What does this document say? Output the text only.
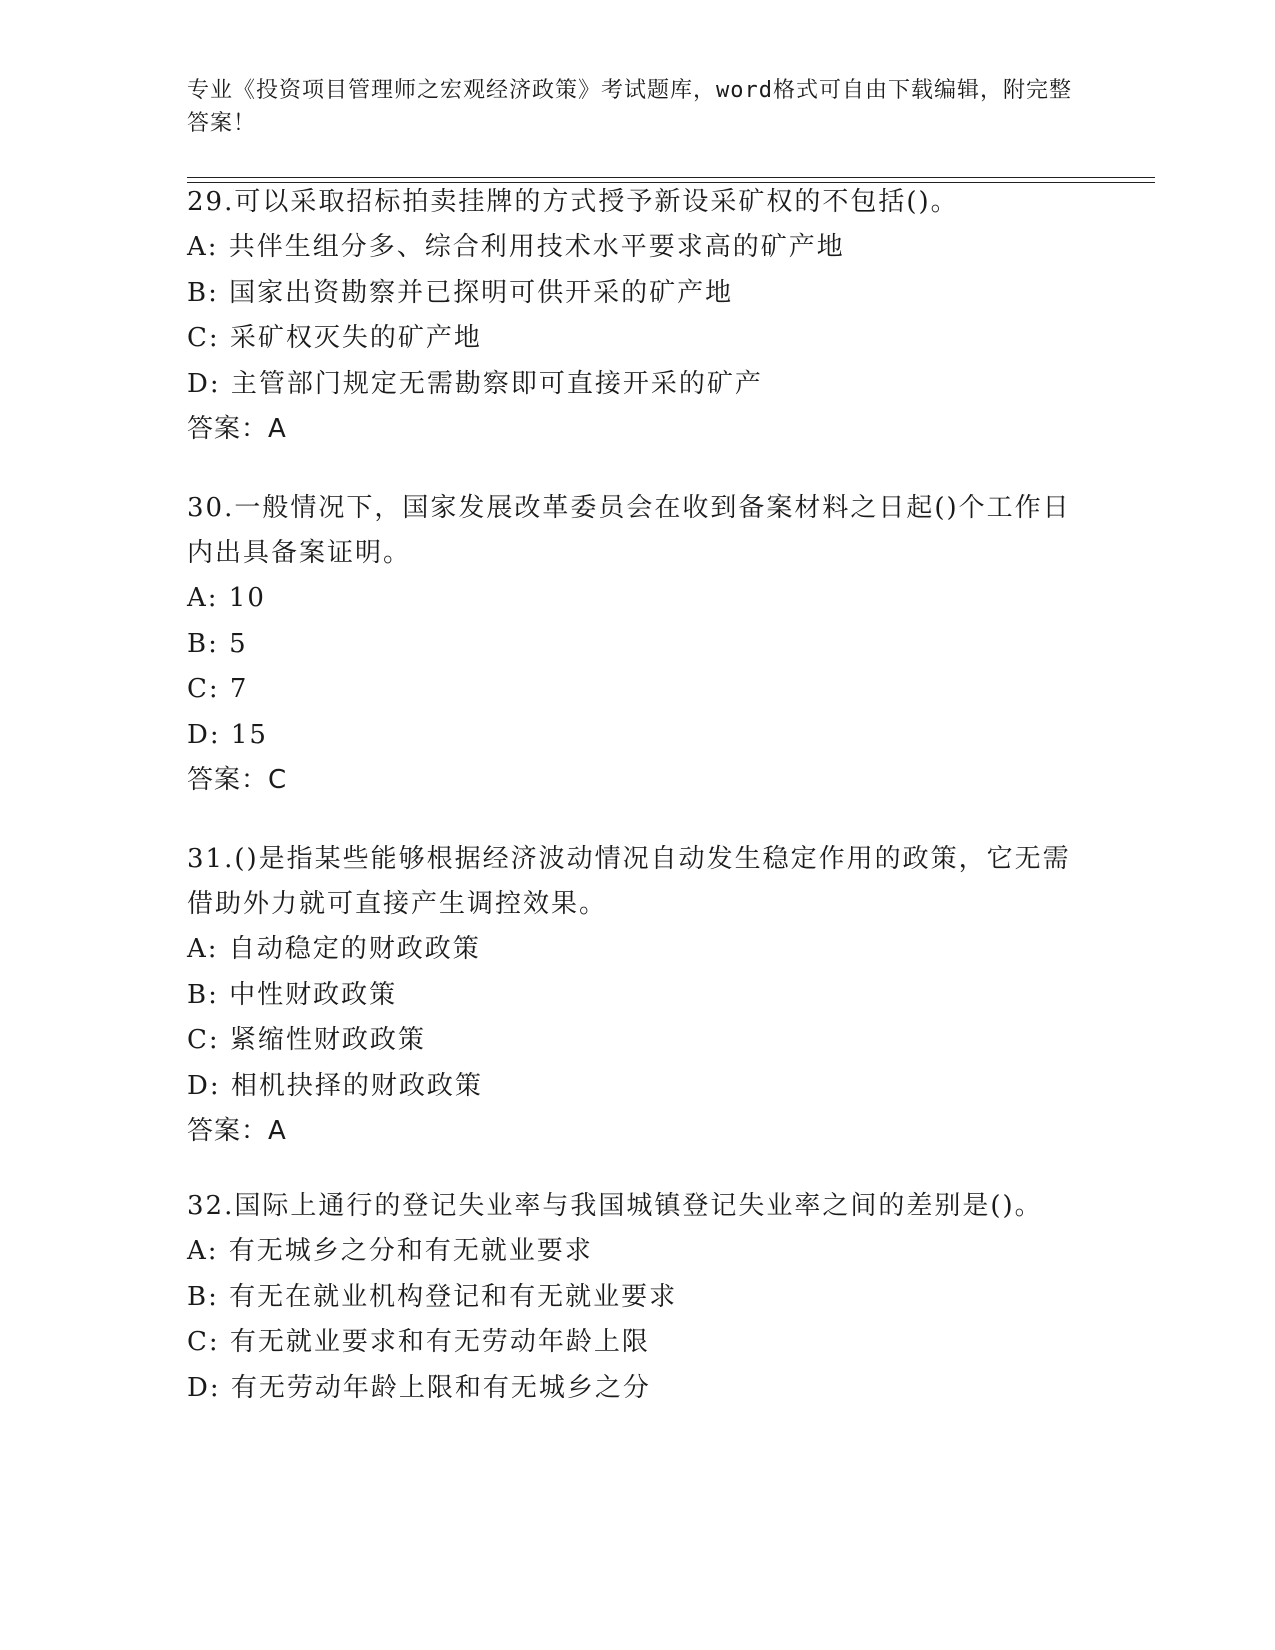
专业《投资项目管理师之宏观经济政策》考试题库，word格式可自由下载编辑，附完整答案！

29.可以采取招标拍卖挂牌的方式授予新设采矿权的不包括()。

A: 共伴生组分多、综合利用技术水平要求高的矿产地

B: 国家出资勘察并已探明可供开采的矿产地

C: 采矿权灭失的矿产地

D: 主管部门规定无需勘察即可直接开采的矿产

答案：A

30.一般情况下，国家发展改革委员会在收到备案材料之日起()个工作日内出具备案证明。

A: 10

B: 5

C: 7

D: 15

答案：C

31.()是指某些能够根据经济波动情况自动发生稳定作用的政策，它无需借助外力就可直接产生调控效果。

A: 自动稳定的财政政策

B: 中性财政政策

C: 紧缩性财政政策

D: 相机抉择的财政政策

答案：A

32.国际上通行的登记失业率与我国城镇登记失业率之间的差别是()。

A: 有无城乡之分和有无就业要求

B: 有无在就业机构登记和有无就业要求

C: 有无就业要求和有无劳动年龄上限

D: 有无劳动年龄上限和有无城乡之分
